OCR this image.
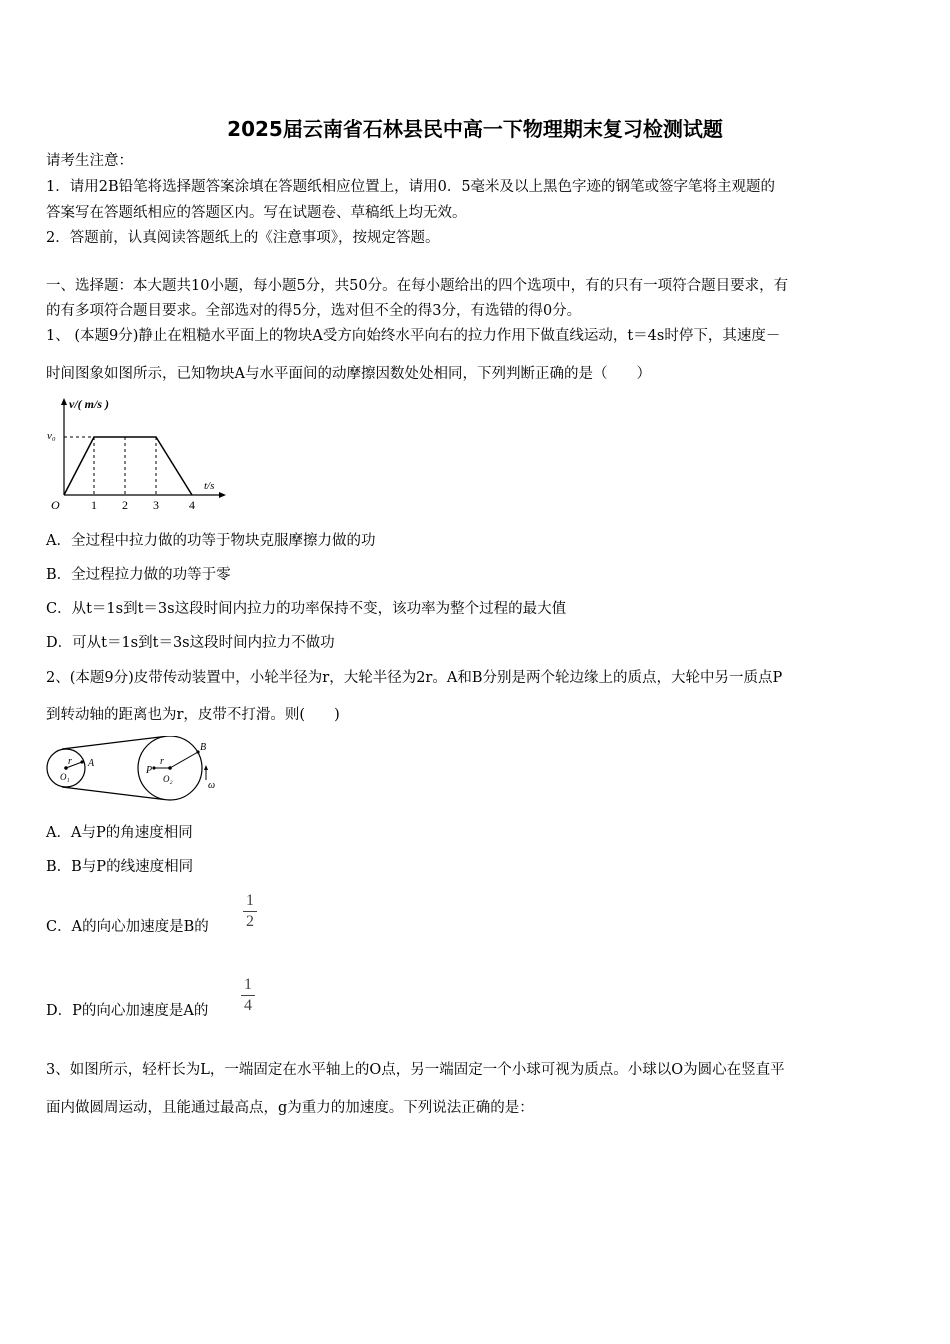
2025届云南省石林县民中高一下物理期末复习检测试题
请考生注意：
1．请用2B铅笔将选择题答案涂填在答题纸相应位置上，请用0．5毫米及以上黑色字迹的钢笔或签字笔将主观题的
答案写在答题纸相应的答题区内。写在试题卷、草稿纸上均无效。
2．答题前，认真阅读答题纸上的《注意事项》，按规定答题。
一、选择题：本大题共10小题，每小题5分，共50分。在每小题给出的四个选项中，有的只有一项符合题目要求，有
的有多项符合题目要求。全部选对的得5分，选对但不全的得3分，有选错的得0分。
1、 (本题9分)静止在粗糙水平面上的物块A受方向始终水平向右的拉力作用下做直线运动，t＝4s时停下，其速度－
时间图象如图所示，已知物块A与水平面间的动摩擦因数处处相同，下列判断正确的是（　　）
v/( m/s )
v₀
O	1 2 3	4
t/s
A．全过程中拉力做的功等于物块克服摩擦力做的功
B．全过程拉力做的功等于零
C．从t＝1s到t＝3s这段时间内拉力的功率保持不变，该功率为整个过程的最大值
D．可从t＝1s到t＝3s这段时间内拉力不做功
2、(本题9分)皮带传动装置中，小轮半径为r，大轮半径为2r。A和B分别是两个轮边缘上的质点，大轮中另一质点P
到转动轴的距离也为r，皮带不打滑。则(　　)
r A
O₁
P
r
O₂
B
ω
A．A与P的角速度相同
B．B与P的线速度相同
C．A的向心加速度是B的
1
2
D．P的向心加速度是A的
1
4
3、如图所示，轻杆长为L，一端固定在水平轴上的O点，另一端固定一个小球可视为质点。小球以O为圆心在竖直平
面内做圆周运动，且能通过最高点，g为重力的加速度。下列说法正确的是：
